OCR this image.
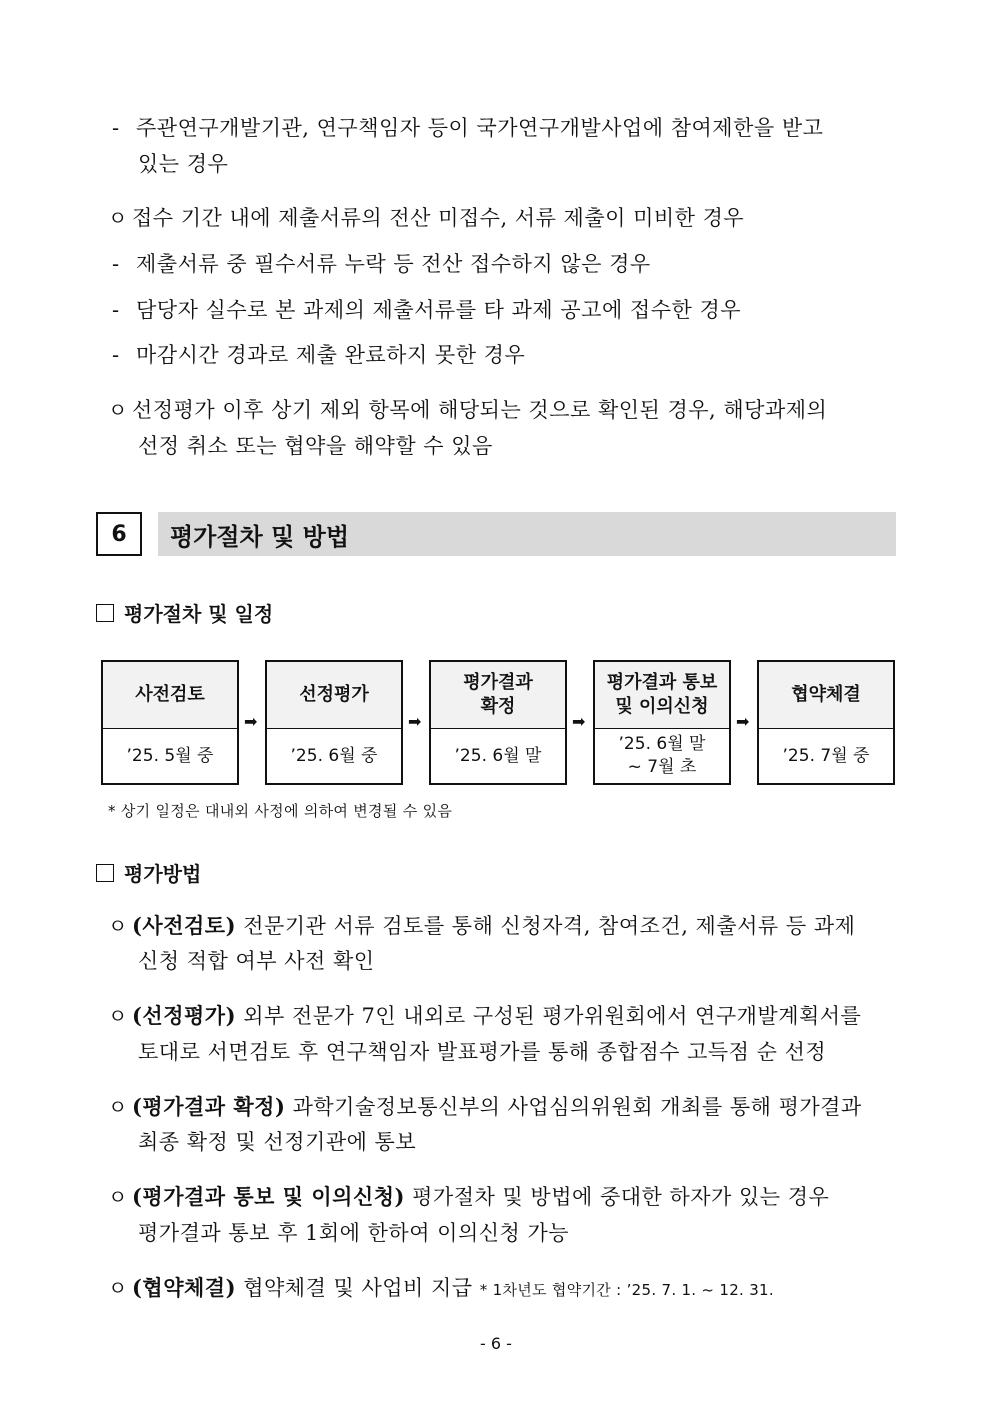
- 주관연구개발기관, 연구책임자 등이 국가연구개발사업에 참여제한을 받고
있는 경우
ㅇ 접수 기간 내에 제출서류의 전산 미접수, 서류 제출이 미비한 경우
- 제출서류 중 필수서류 누락 등 전산 접수하지 않은 경우
- 담당자 실수로 본 과제의 제출서류를 타 과제 공고에 접수한 경우
- 마감시간 경과로 제출 완료하지 못한 경우
ㅇ 선정평가 이후 상기 제외 항목에 해당되는 것으로 확인된 경우, 해당과제의
선정 취소 또는 협약을 해약할 수 있음
6	평가절차 및 방법
평가절차 및 일정
사전검토
’25. 5월 중
➡
선정평가
’25. 6월 중
➡
평가결과
확정
’25. 6월 말
➡
평가결과 통보
및 이의신청
’25. 6월 말
~ 7월 초
➡
협약체결
’25. 7월 중
* 상기 일정은 대내외 사정에 의하여 변경될 수 있음
평가방법
ㅇ (사전검토) 전문기관 서류 검토를 통해 신청자격, 참여조건, 제출서류 등 과제
신청 적합 여부 사전 확인
ㅇ (선정평가) 외부 전문가 7인 내외로 구성된 평가위원회에서 연구개발계획서를
토대로 서면검토 후 연구책임자 발표평가를 통해 종합점수 고득점 순 선정
ㅇ (평가결과 확정) 과학기술정보통신부의 사업심의위원회 개최를 통해 평가결과
최종 확정 및 선정기관에 통보
ㅇ (평가결과 통보 및 이의신청) 평가절차 및 방법에 중대한 하자가 있는 경우
평가결과 통보 후 1회에 한하여 이의신청 가능
ㅇ (협약체결) 협약체결 및 사업비 지급 * 1차년도 협약기간 : ’25. 7. 1. ~ 12. 31.
- 6 -
